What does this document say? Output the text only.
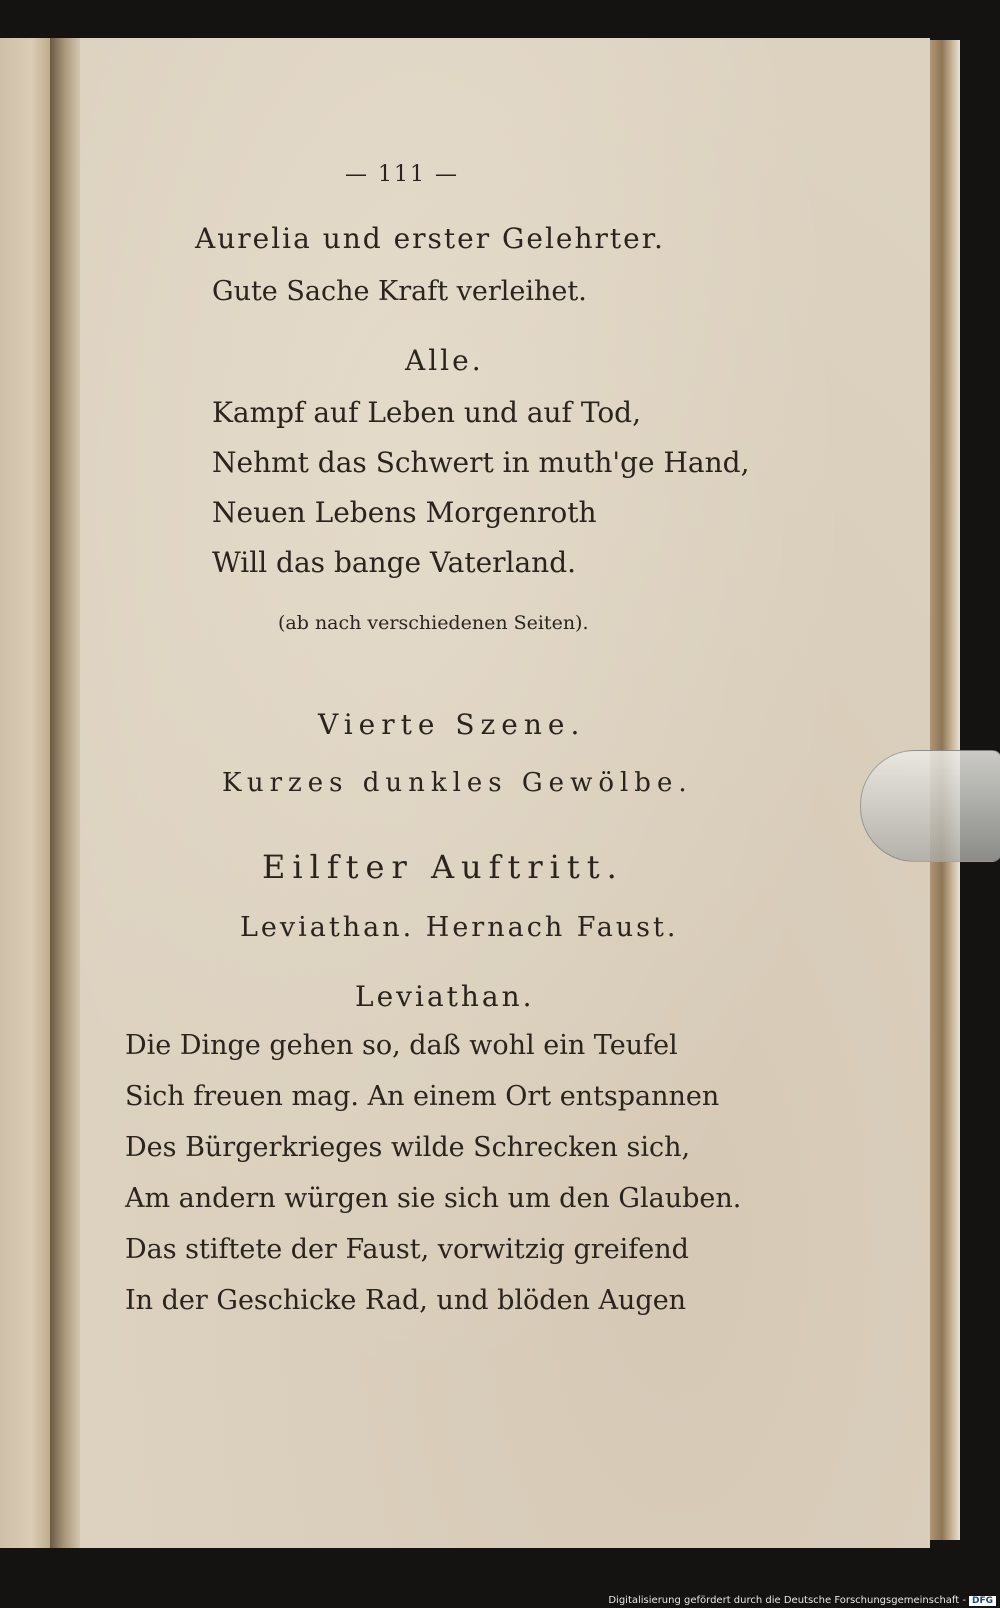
— 111 —
Aurelia und erster Gelehrter.
Gute Sache Kraft verleihet.
Alle.
Kampf auf Leben und auf Tod,
Nehmt das Schwert in muth'ge Hand,
Neuen Lebens Morgenroth
Will das bange Vaterland.
(ab nach verschiedenen Seiten).
Vierte Szene.
Kurzes dunkles Gewölbe.
Eilfter Auftritt.
Leviathan. Hernach Faust.
Leviathan.
Die Dinge gehen so, daß wohl ein Teufel
Sich freuen mag. An einem Ort entspannen
Des Bürgerkrieges wilde Schrecken sich,
Am andern würgen sie sich um den Glauben.
Das stiftete der Faust, vorwitzig greifend
In der Geschicke Rad, und blöden Augen
Digitalisierung gefördert durch die Deutsche Forschungsgemeinschaft - DFG
